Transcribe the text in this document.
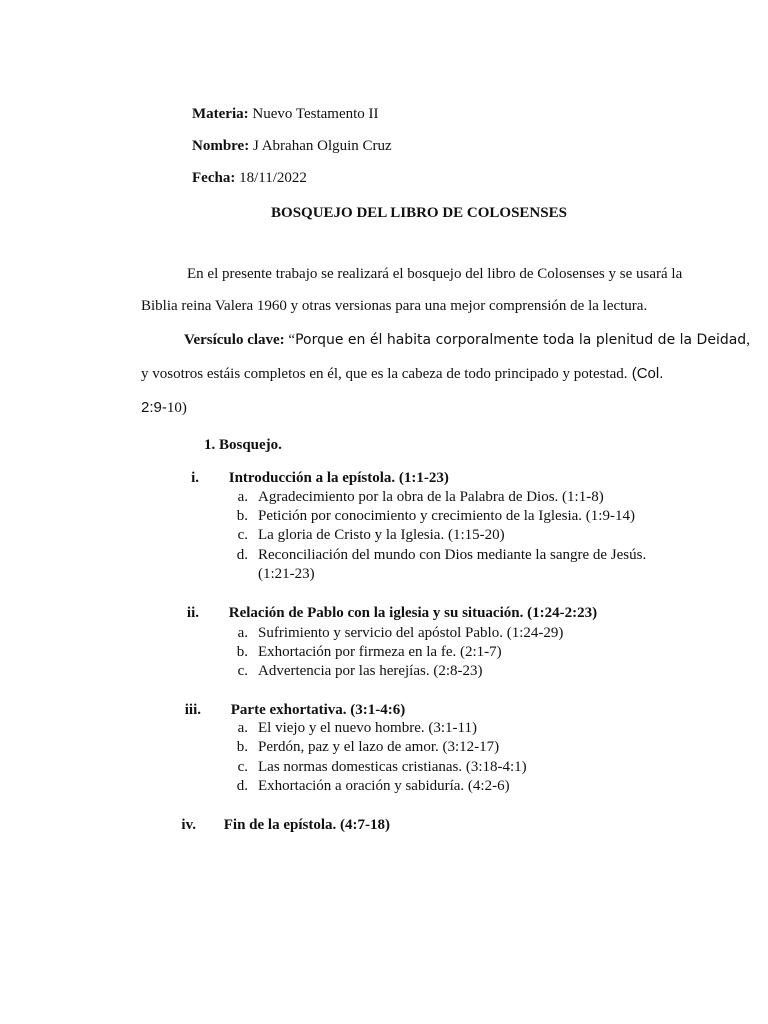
Materia: Nuevo Testamento II
Nombre: J Abrahan Olguin Cruz
Fecha: 18/11/2022
BOSQUEJO DEL LIBRO DE COLOSENSES
En el presente trabajo se realizará el bosquejo del libro de Colosenses y se usará la
Biblia reina Valera 1960 y otras versionas para una mejor comprensión de la lectura.
Versículo clave: “Porque en él habita corporalmente toda la plenitud de la Deidad,
y vosotros estáis completos en él, que es la cabeza de todo principado y potestad. (Col.
2:9-10)
1. Bosquejo.
i. Introducción a la epístola. (1:1-23)
a. Agradecimiento por la obra de la Palabra de Dios. (1:1-8)
b. Petición por conocimiento y crecimiento de la Iglesia. (1:9-14)
c. La gloria de Cristo y la Iglesia. (1:15-20)
d. Reconciliación del mundo con Dios mediante la sangre de Jesús.
(1:21-23)
ii. Relación de Pablo con la iglesia y su situación. (1:24-2:23)
a. Sufrimiento y servicio del apóstol Pablo. (1:24-29)
b. Exhortación por firmeza en la fe. (2:1-7)
c. Advertencia por las herejías. (2:8-23)
iii. Parte exhortativa. (3:1-4:6)
a. El viejo y el nuevo hombre. (3:1-11)
b. Perdón, paz y el lazo de amor. (3:12-17)
c. Las normas domesticas cristianas. (3:18-4:1)
d. Exhortación a oración y sabiduría. (4:2-6)
iv. Fin de la epístola. (4:7-18)
